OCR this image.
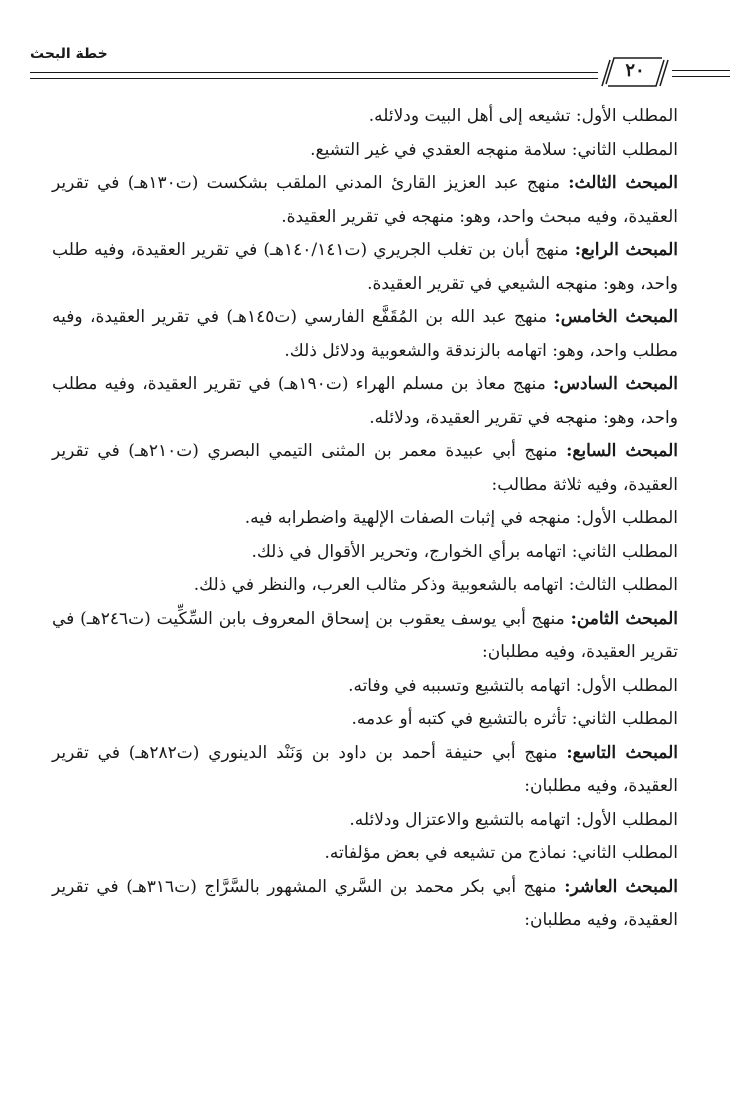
خطة البحث
٢٠

المطلب الأول: تشيعه إلى أهل البيت ودلائله.

المطلب الثاني: سلامة منهجه العقدي في غير التشيع.

المبحث الثالث: منهج عبد العزيز القارئ المدني الملقب بشكست (ت١٣٠هـ) في تقرير العقيدة، وفيه مبحث واحد، وهو: منهجه في تقرير العقيدة.

المبحث الرابع: منهج أبان بن تغلب الجريري (ت١٤٠/١٤١هـ) في تقرير العقيدة، وفيه طلب واحد، وهو: منهجه الشيعي في تقرير العقيدة.

المبحث الخامس: منهج عبد الله بن المُقَفَّع الفارسي (ت١٤٥هـ) في تقرير العقيدة، وفيه مطلب واحد، وهو: اتهامه بالزندقة والشعوبية ودلائل ذلك.

المبحث السادس: منهج معاذ بن مسلم الهراء (ت١٩٠هـ) في تقرير العقيدة، وفيه مطلب واحد، وهو: منهجه في تقرير العقيدة، ودلائله.

المبحث السابع: منهج أبي عبيدة معمر بن المثنى التيمي البصري (ت٢١٠هـ) في تقرير العقيدة، وفيه ثلاثة مطالب:

المطلب الأول: منهجه في إثبات الصفات الإلهية واضطرابه فيه.

المطلب الثاني: اتهامه برأي الخوارج، وتحرير الأقوال في ذلك.

المطلب الثالث: اتهامه بالشعوبية وذكر مثالب العرب، والنظر في ذلك.

المبحث الثامن: منهج أبي يوسف يعقوب بن إسحاق المعروف بابن السِّكِّيت (ت٢٤٦هـ) في تقرير العقيدة، وفيه مطلبان:

المطلب الأول: اتهامه بالتشيع وتسببه في وفاته.

المطلب الثاني: تأثره بالتشيع في كتبه أو عدمه.

المبحث التاسع: منهج أبي حنيفة أحمد بن داود بن وَنَنْد الدينوري (ت٢٨٢هـ) في تقرير العقيدة، وفيه مطلبان:

المطلب الأول: اتهامه بالتشيع والاعتزال ودلائله.

المطلب الثاني: نماذج من تشيعه في بعض مؤلفاته.

المبحث العاشر: منهج أبي بكر محمد بن السَّري المشهور بالسَّرَّاج (ت٣١٦هـ) في تقرير العقيدة، وفيه مطلبان:
